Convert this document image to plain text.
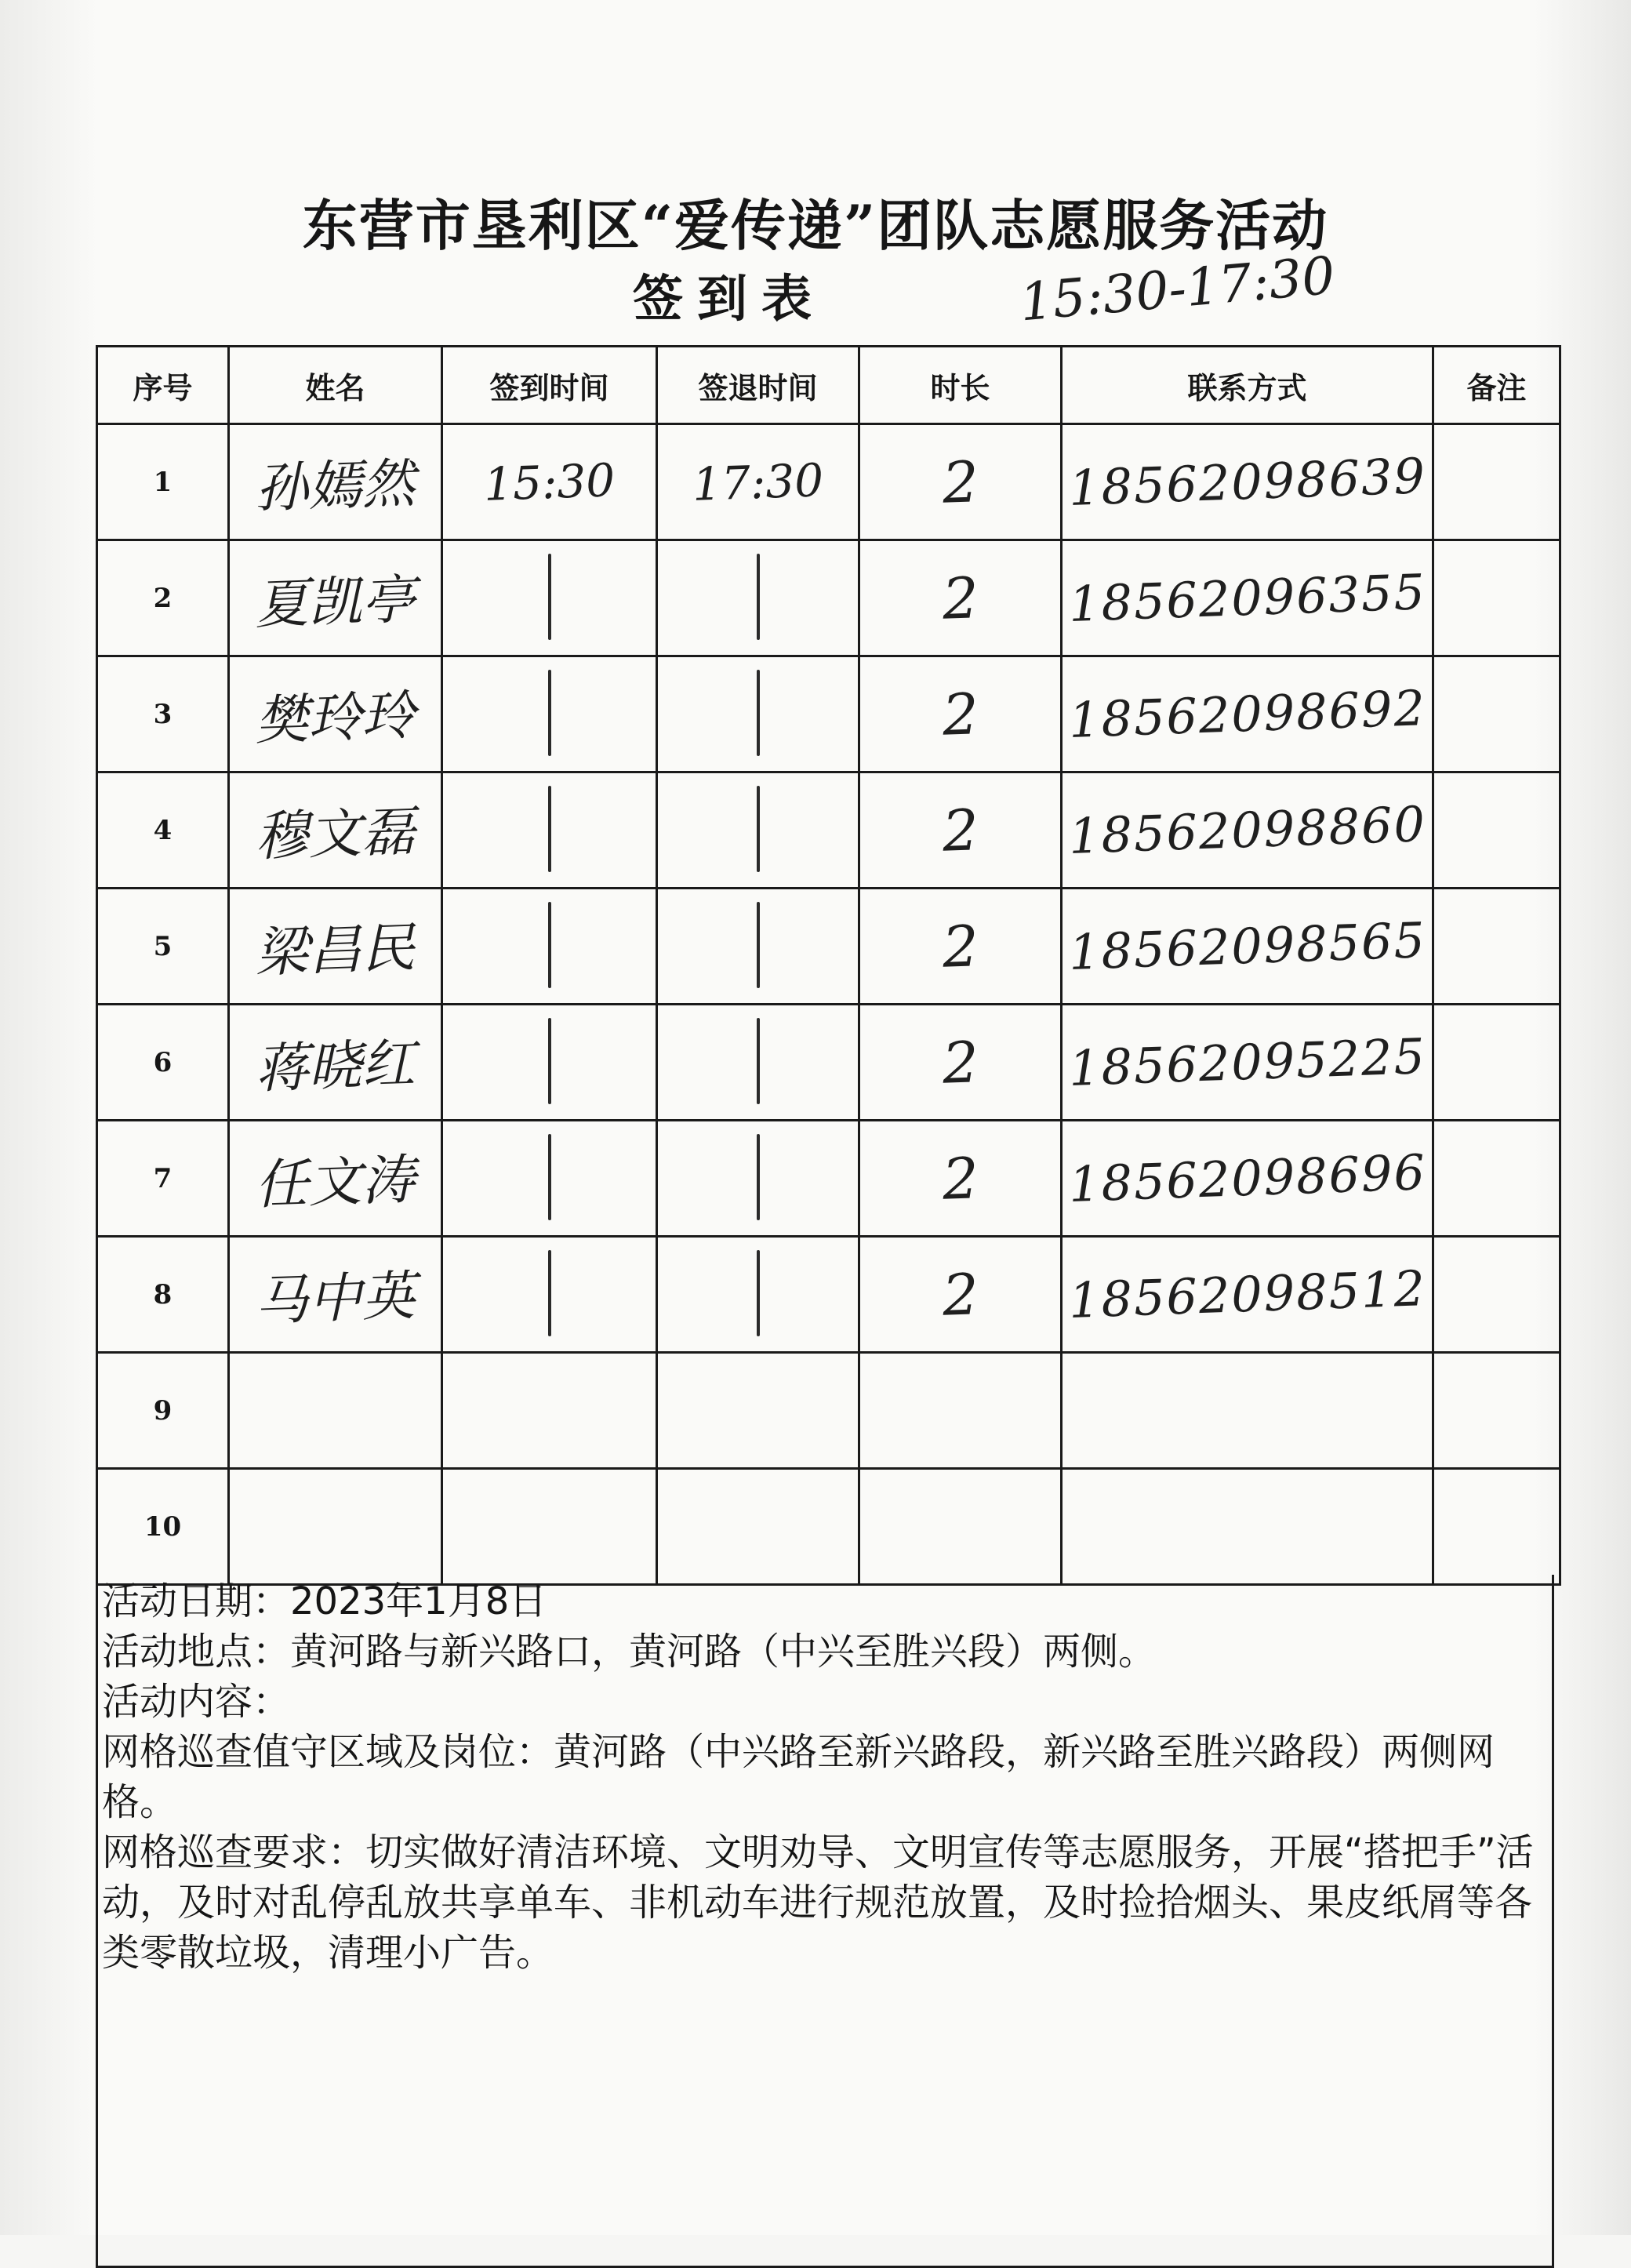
东营市垦利区“爱传递”团队志愿服务活动
签到表	15:30-17:30
序号	姓名	签到时间	签退时间	时长	联系方式	备注
1	孙嫣然	15:30	17:30	2	18562098639	
2	夏凯亭			2	18562096355	
3	樊玲玲			2	18562098692	
4	穆文磊			2	18562098860	
5	梁昌民			2	18562098565	
6	蒋晓红			2	18562095225	
7	任文涛			2	18562098696	
8	马中英			2	18562098512	
9						
10						

活动日期：2023年1月8日

活动地点：黄河路与新兴路口，黄河路（中兴至胜兴段）两侧。

活动内容：

网格巡查值守区域及岗位：黄河路（中兴路至新兴路段，新兴路至胜兴路段）两侧网格。

网格巡查要求：切实做好清洁环境、文明劝导、文明宣传等志愿服务，开展“搭把手”活动，及时对乱停乱放共享单车、非机动车进行规范放置，及时捡拾烟头、果皮纸屑等各类零散垃圾，清理小广告。
